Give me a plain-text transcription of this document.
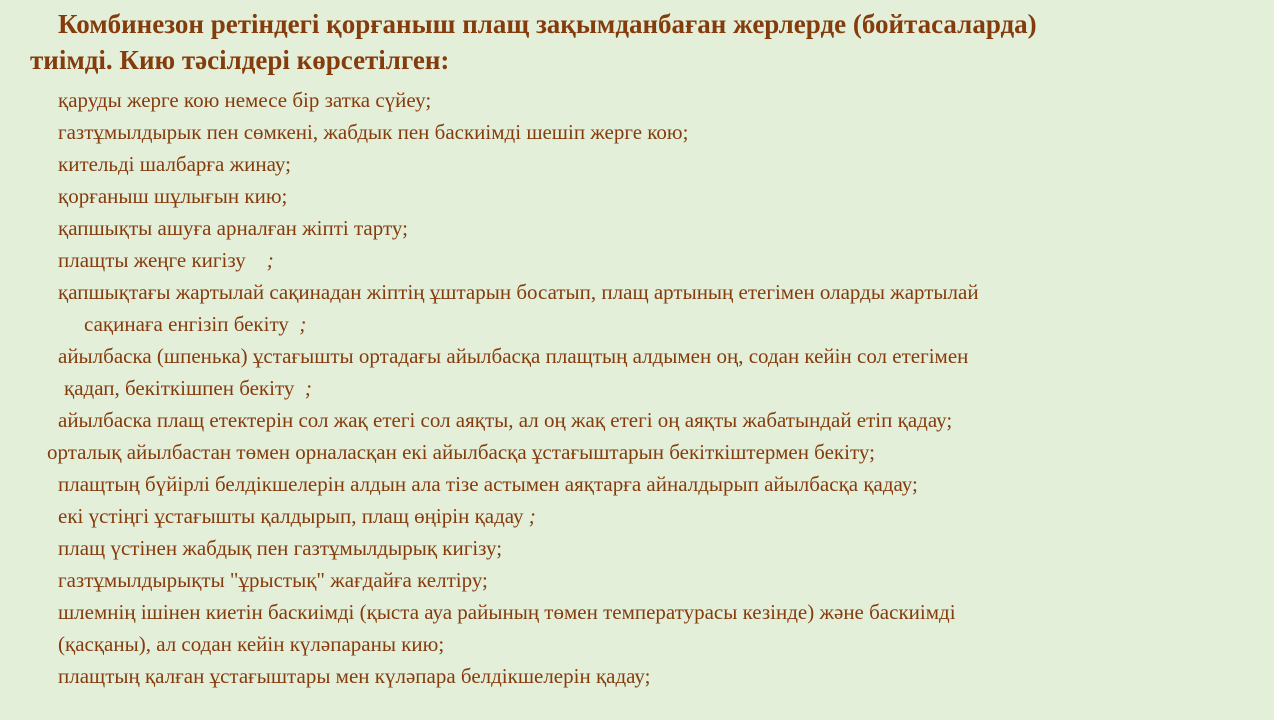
Комбинезон ретіндегі қорғаныш плащ зақымданбаған жерлерде (бойтасаларда)
тиімді. Кию тәсілдері көрсетілген:
қаруды жерге кою немесе бір затка сүйеу;
газтұмылдырык пен сөмкені, жабдык пен баскиімді шешіп жерге кою;
кительді шалбарға жинау;
қорғаныш шұлығын кию;
қапшықты ашуға арналған жіпті тарту;
плащты жеңге кигізу ;
қапшықтағы жартылай сақинадан жіптің ұштарын босатып, плащ артының етегімен оларды жартылай
сақинаға енгізіп бекіту ;
айылбаска (шпенька) ұстағышты ортадағы айылбасқа плащтың алдымен оң, содан кейін сол етегімен
қадап, бекіткішпен бекіту ;
айылбаска плащ етектерін сол жақ етегі сол аяқты, ал оң жақ етегі оң аяқты жабатындай етіп қадау;
орталық айылбастан төмен орналасқан екі айылбасқа ұстағыштарын бекіткіштермен бекіту;
плащтың бүйірлі белдікшелерін алдын ала тізе астымен аяқтарға айналдырып айылбасқа қадау;
екі үстіңгі ұстағышты қалдырып, плащ өңірін қадау ;
плащ үстінен жабдық пен газтұмылдырық кигізу;
газтұмылдырықты "ұрыстық" жағдайға келтіру;
шлемнің ішінен киетін баскиімді (қыста ауа райының төмен температурасы кезінде) және баскиімді
(қасқаны), ал содан кейін күләпараны кию;
плащтың қалған ұстағыштары мен күләпара белдікшелерін қадау;
